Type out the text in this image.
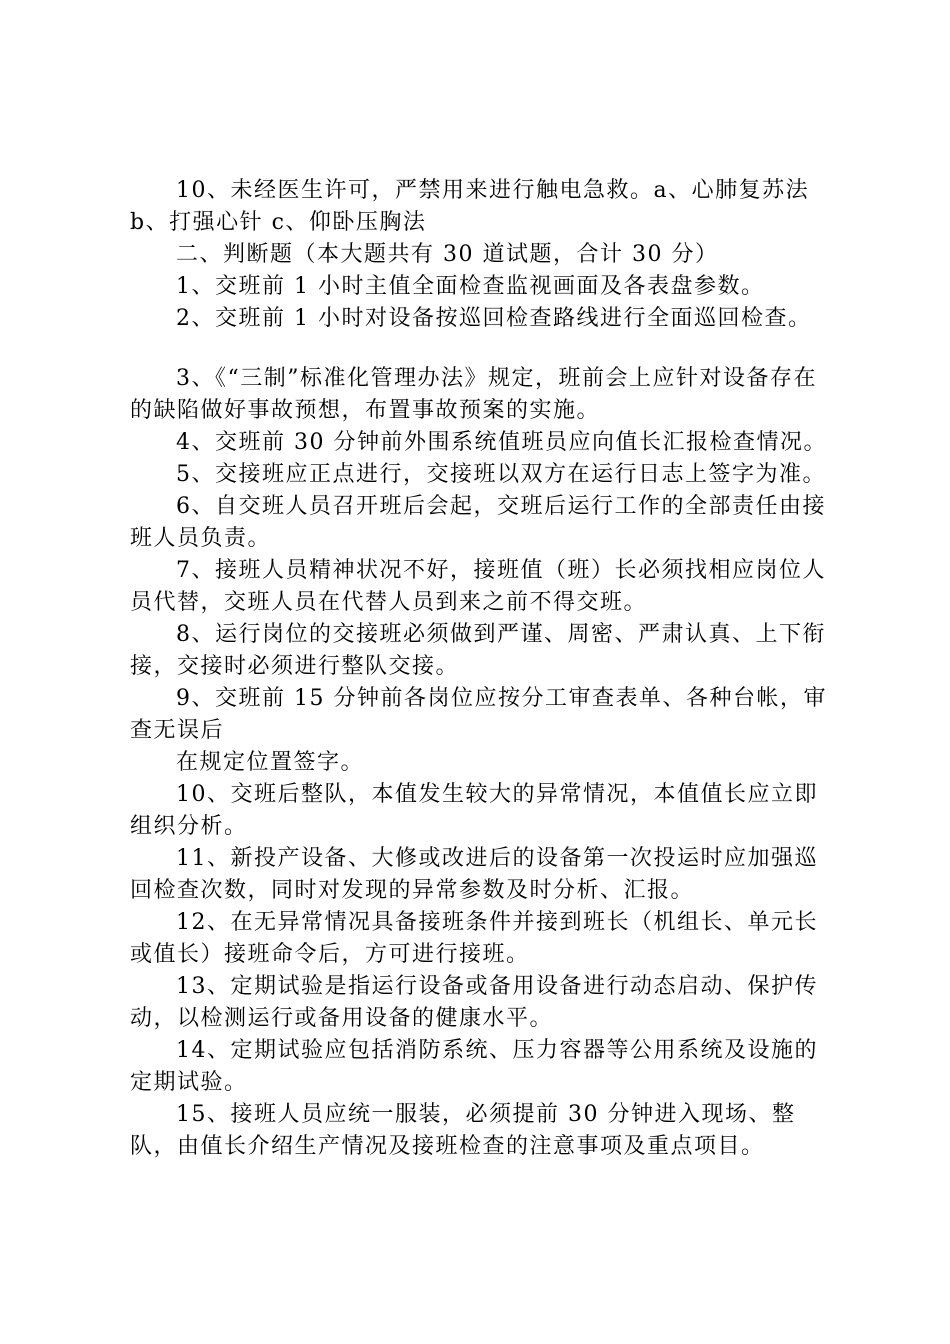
10、未经医生许可，严禁用来进行触电急救。a、心肺复苏法 b、打强心针 c、仰卧压胸法

二、判断题（本大题共有 30 道试题，合计 30 分）

1、交班前 1 小时主值全面检查监视画面及各表盘参数。

2、交班前 1 小时对设备按巡回检查路线进行全面巡回检查。

3、《“三制”标准化管理办法》规定，班前会上应针对设备存在的缺陷做好事故预想，布置事故预案的实施。

4、交班前 30 分钟前外围系统值班员应向值长汇报检查情况。

5、交接班应正点进行，交接班以双方在运行日志上签字为准。

6、自交班人员召开班后会起，交班后运行工作的全部责任由接班人员负责。

7、接班人员精神状况不好，接班值（班）长必须找相应岗位人员代替，交班人员在代替人员到来之前不得交班。

8、运行岗位的交接班必须做到严谨、周密、严肃认真、上下衔接，交接时必须进行整队交接。

9、交班前 15 分钟前各岗位应按分工审查表单、各种台帐，审查无误后

在规定位置签字。

10、交班后整队，本值发生较大的异常情况，本值值长应立即组织分析。

11、新投产设备、大修或改进后的设备第一次投运时应加强巡回检查次数，同时对发现的异常参数及时分析、汇报。

12、在无异常情况具备接班条件并接到班长（机组长、单元长或值长）接班命令后，方可进行接班。

13、定期试验是指运行设备或备用设备进行动态启动、保护传动，以检测运行或备用设备的健康水平。

14、定期试验应包括消防系统、压力容器等公用系统及设施的定期试验。

15、接班人员应统一服装，必须提前 30 分钟进入现场、整队，由值长介绍生产情况及接班检查的注意事项及重点项目。
